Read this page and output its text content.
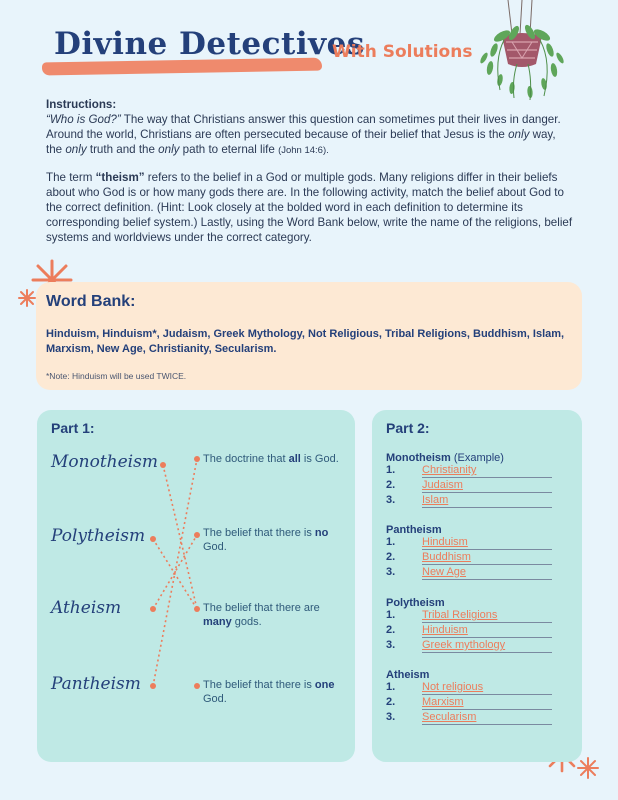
Divine Detectives
With Solutions
Instructions:

“Who is God?” The way that Christians answer this question can sometimes put their lives in danger. Around the world, Christians are often persecuted because of their belief that Jesus is the only way, the only truth and the only path to eternal life (John 14:6).

The term “theism” refers to the belief in a God or multiple gods. Many religions differ in their beliefs about who God is or how many gods there are. In the following activity, match the belief about God to the correct definition. (Hint: Look closely at the bolded word in each definition to determine its corresponding belief system.) Lastly, using the Word Bank below, write the name of the religions, belief systems and worldviews under the correct category.

Word Bank:
Hinduism, Hinduism*, Judaism, Greek Mythology, Not Religious, Tribal Religions, Buddhism, Islam, Marxism, New Age, Christianity, Secularism.
*Note: Hinduism will be used TWICE.
Part 1:
Monotheism
Polytheism
Atheism
Pantheism
The doctrine that all is God.
The belief that there is no God.
The belief that there are many gods.
The belief that there is one God.
Part 2:
Monotheism (Example)
1. Christianity
2. Judaism
3. Islam
Pantheism
1. Hinduism
2. Buddhism
3. New Age
Polytheism
1. Tribal Religions
2. Hinduism
3. Greek mythology
Atheism
1. Not religious
2. Marxism
3. Secularism
